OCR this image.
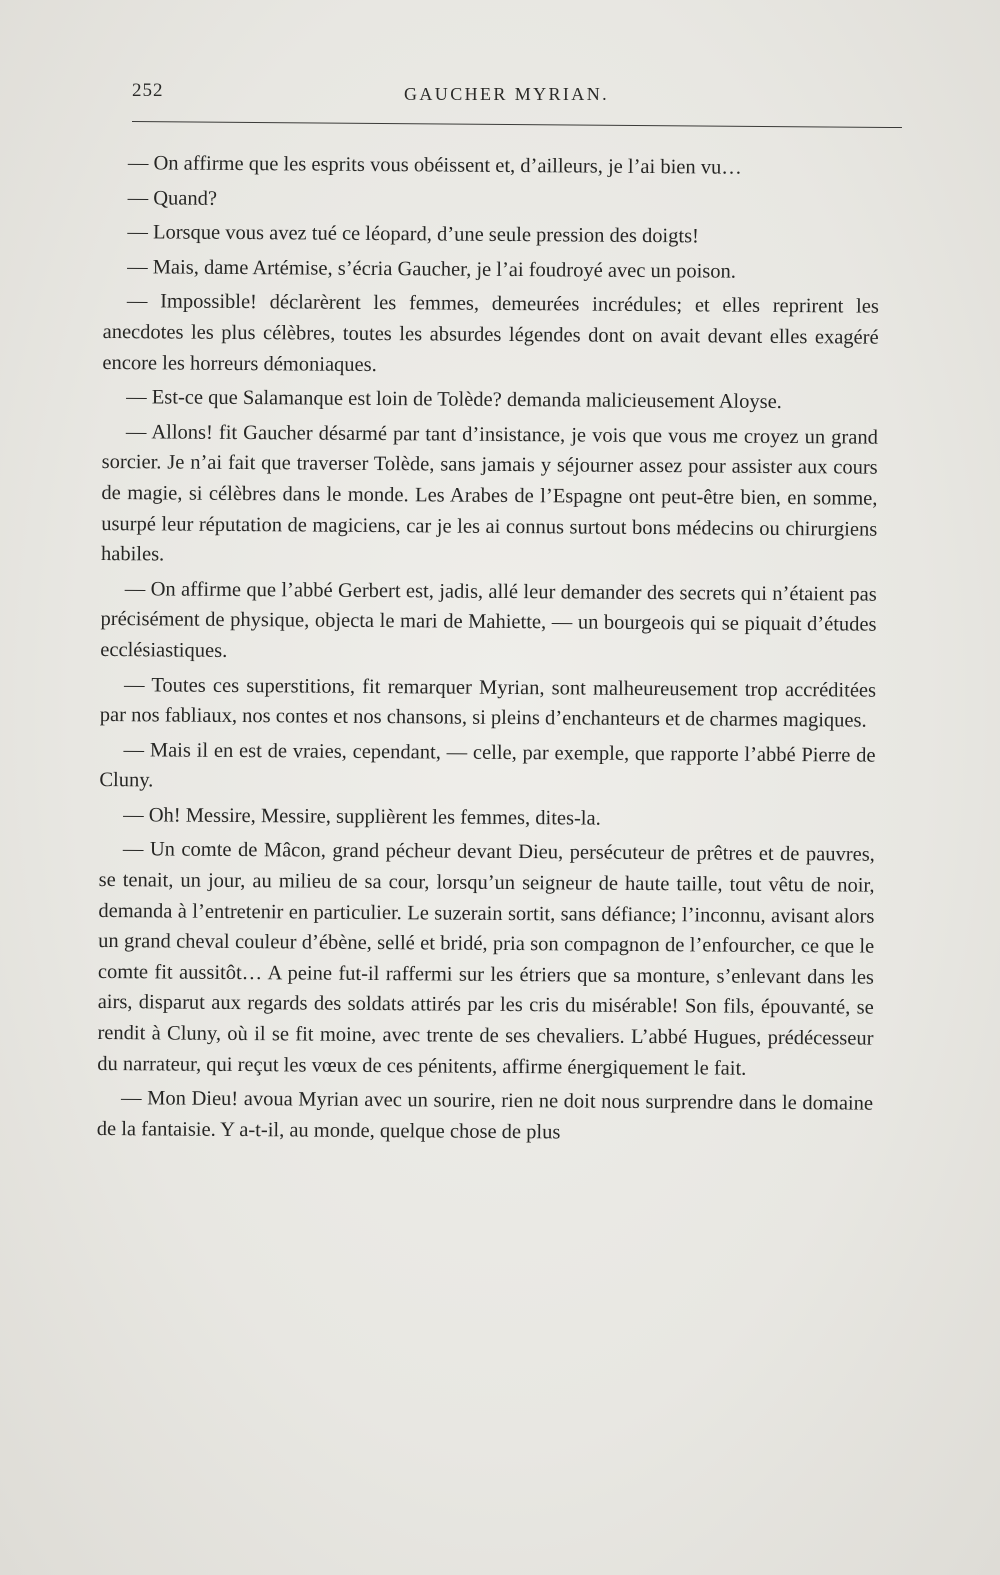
252	GAUCHER MYRIAN.

— On affirme que les esprits vous obéissent et, d’ailleurs, je l’ai bien vu…

— Quand?

— Lorsque vous avez tué ce léopard, d’une seule pression des doigts!

— Mais, dame Artémise, s’écria Gaucher, je l’ai foudroyé avec un poison.

— Impossible! déclarèrent les femmes, demeurées incrédules; et elles reprirent les anecdotes les plus célèbres, toutes les absurdes légendes dont on avait devant elles exagéré encore les horreurs démoniaques.

— Est-ce que Salamanque est loin de Tolède? demanda malicieusement Aloyse.

— Allons! fit Gaucher désarmé par tant d’insistance, je vois que vous me croyez un grand sorcier. Je n’ai fait que traverser Tolède, sans jamais y séjourner assez pour assister aux cours de magie, si célèbres dans le monde. Les Arabes de l’Espagne ont peut-être bien, en somme, usurpé leur réputation de magiciens, car je les ai connus surtout bons médecins ou chirurgiens habiles.

— On affirme que l’abbé Gerbert est, jadis, allé leur demander des secrets qui n’étaient pas précisément de physique, objecta le mari de Mahiette, — un bourgeois qui se piquait d’études ecclésiastiques.

— Toutes ces superstitions, fit remarquer Myrian, sont malheureusement trop accréditées par nos fabliaux, nos contes et nos chansons, si pleins d’enchanteurs et de charmes magiques.

— Mais il en est de vraies, cependant, — celle, par exemple, que rapporte l’abbé Pierre de Cluny.

— Oh! Messire, Messire, supplièrent les femmes, dites-la.

— Un comte de Mâcon, grand pécheur devant Dieu, persécuteur de prêtres et de pauvres, se tenait, un jour, au milieu de sa cour, lorsqu’un seigneur de haute taille, tout vêtu de noir, demanda à l’entretenir en particulier. Le suzerain sortit, sans défiance; l’inconnu, avisant alors un grand cheval couleur d’ébène, sellé et bridé, pria son compagnon de l’enfourcher, ce que le comte fit aussitôt… A peine fut-il raffermi sur les étriers que sa monture, s’enlevant dans les airs, disparut aux regards des soldats attirés par les cris du misérable! Son fils, épouvanté, se rendit à Cluny, où il se fit moine, avec trente de ses chevaliers. L’abbé Hugues, prédécesseur du narrateur, qui reçut les vœux de ces pénitents, affirme énergiquement le fait.

— Mon Dieu! avoua Myrian avec un sourire, rien ne doit nous surprendre dans le domaine de la fantaisie. Y a-t-il, au monde, quelque chose de plus
